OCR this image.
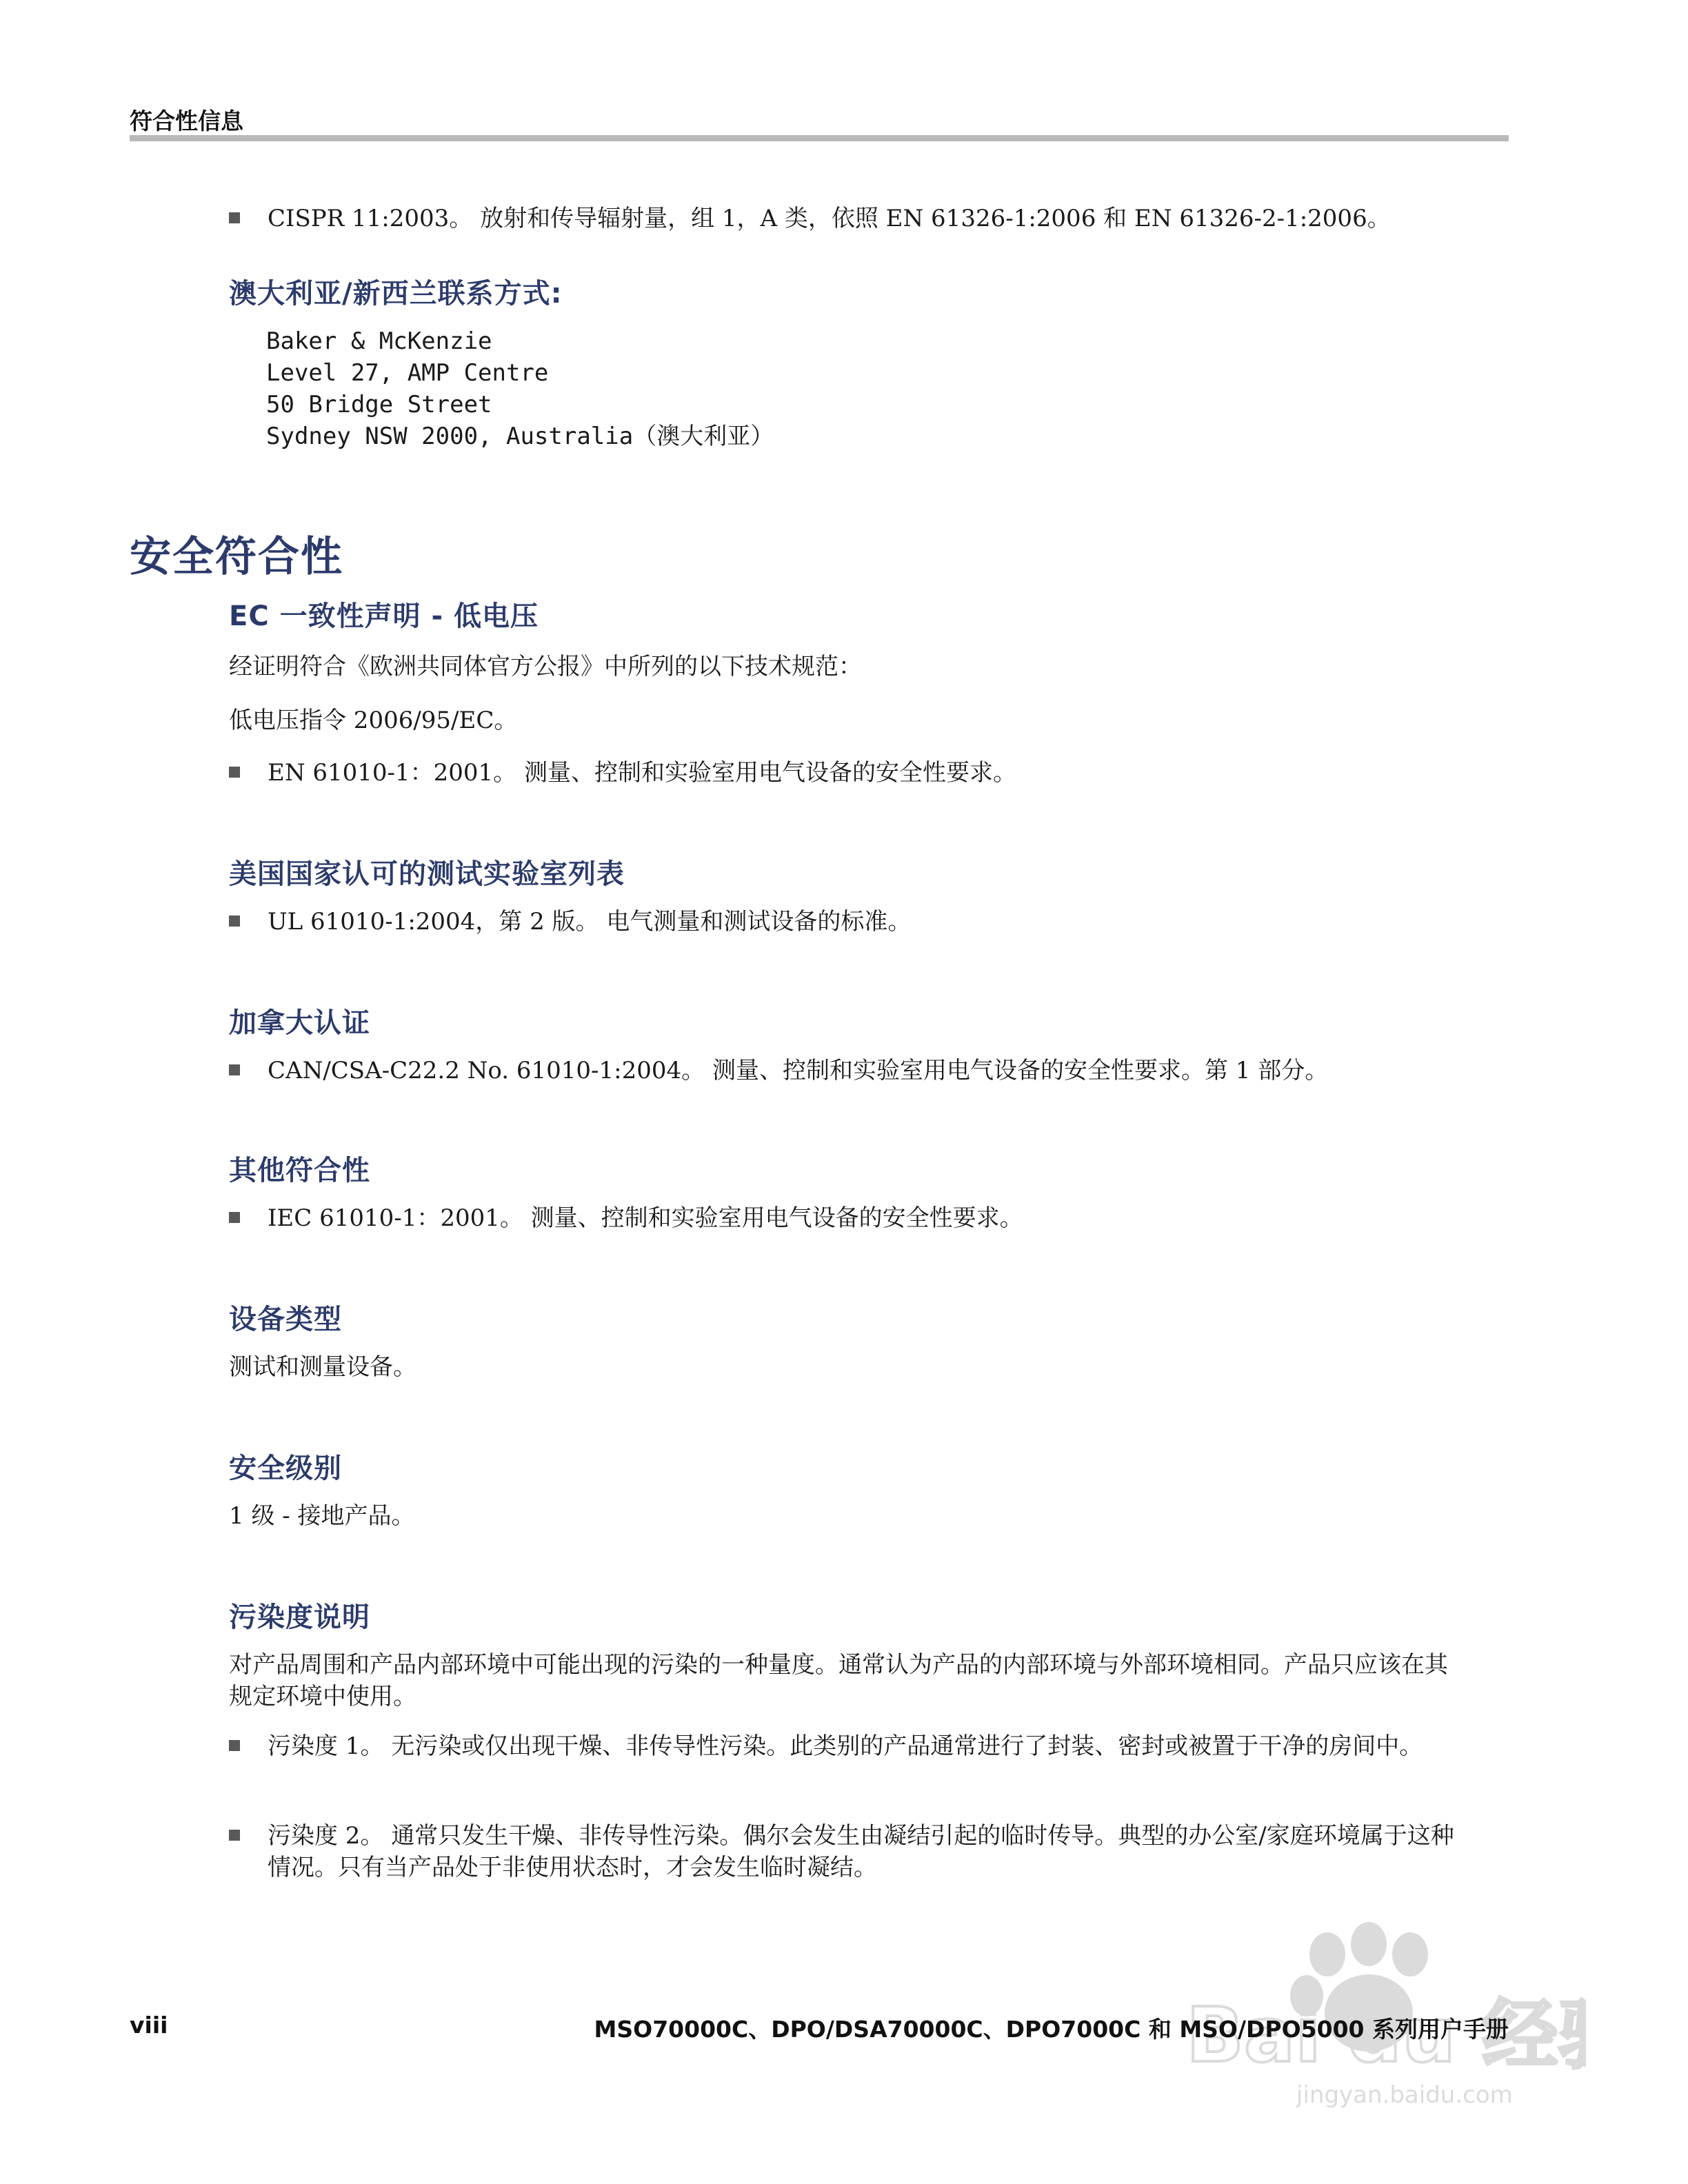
符合性信息
CISPR 11:2003。 放射和传导辐射量，组 1，A 类，依照 EN 61326-1:2006 和 EN 61326-2-1:2006。
澳大利亚/新西兰联系方式:
Baker & McKenzie
Level 27, AMP Centre
50 Bridge Street
Sydney NSW 2000, Australia（澳大利亚）
安全符合性
EC 一致性声明 - 低电压
经证明符合《欧洲共同体官方公报》中所列的以下技术规范：
低电压指令 2006/95/EC。
EN 61010-1：2001。 测量、控制和实验室用电气设备的安全性要求。
美国国家认可的测试实验室列表
UL 61010-1:2004，第 2 版。 电气测量和测试设备的标准。
加拿大认证
CAN/CSA-C22.2 No. 61010-1:2004。 测量、控制和实验室用电气设备的安全性要求。第 1 部分。
其他符合性
IEC 61010-1：2001。 测量、控制和实验室用电气设备的安全性要求。
设备类型
测试和测量设备。
安全级别
1 级 - 接地产品。
污染度说明
对产品周围和产品内部环境中可能出现的污染的一种量度。通常认为产品的内部环境与外部环境相同。产品只应该在其规定环境中使用。
污染度 1。 无污染或仅出现干燥、非传导性污染。此类别的产品通常进行了封装、密封或被置于干净的房间中。
污染度 2。 通常只发生干燥、非传导性污染。偶尔会发生由凝结引起的临时传导。典型的办公室/家庭环境属于这种情况。只有当产品处于非使用状态时，才会发生临时凝结。
Bai du 经
jingyan.baidu.com
viii	MSO70000C、DPO/DSA70000C、DPO7000C 和 MSO/DPO5000 系列用户手册
